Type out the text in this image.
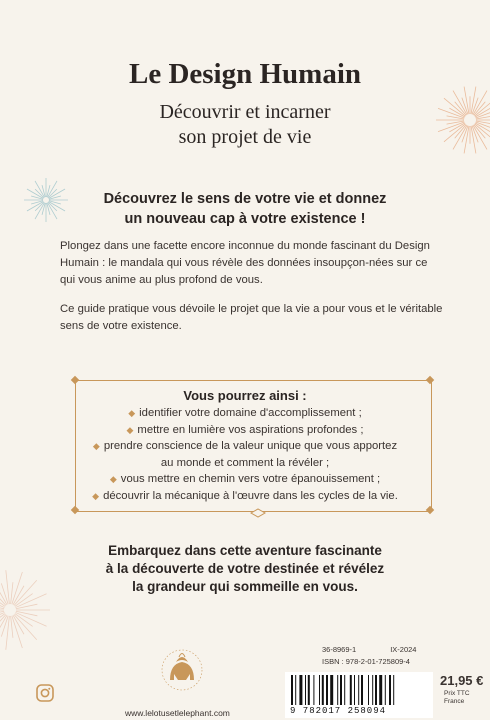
Le Design Humain
Découvrir et incarner
son projet de vie
Découvrez le sens de votre vie et donnez
un nouveau cap à votre existence !

Plongez dans une facette encore inconnue du monde fascinant du Design Humain : le mandala qui vous révèle des données insoupçon-nées sur ce qui vous anime au plus profond de vous.

Ce guide pratique vous dévoile le projet que la vie a pour vous et le véritable sens de votre existence.

Vous pourrez ainsi :
◆ identifier votre domaine d'accomplissement ;
◆ mettre en lumière vos aspirations profondes ;
◆ prendre conscience de la valeur unique que vous apportez
au monde et comment la révéler ;
◆ vous mettre en chemin vers votre épanouissement ;
◆ découvrir la mécanique à l'œuvre dans les cycles de la vie.
Embarquez dans cette aventure fascinante
à la découverte de votre destinée et révélez
la grandeur qui sommeille en vous.
36-8969-1	IX-2024
ISBN : 978-2-01-725809-4
21,95 €
Prix TTC
France
9 782017 258094
www.lelotusetlelephant.com
